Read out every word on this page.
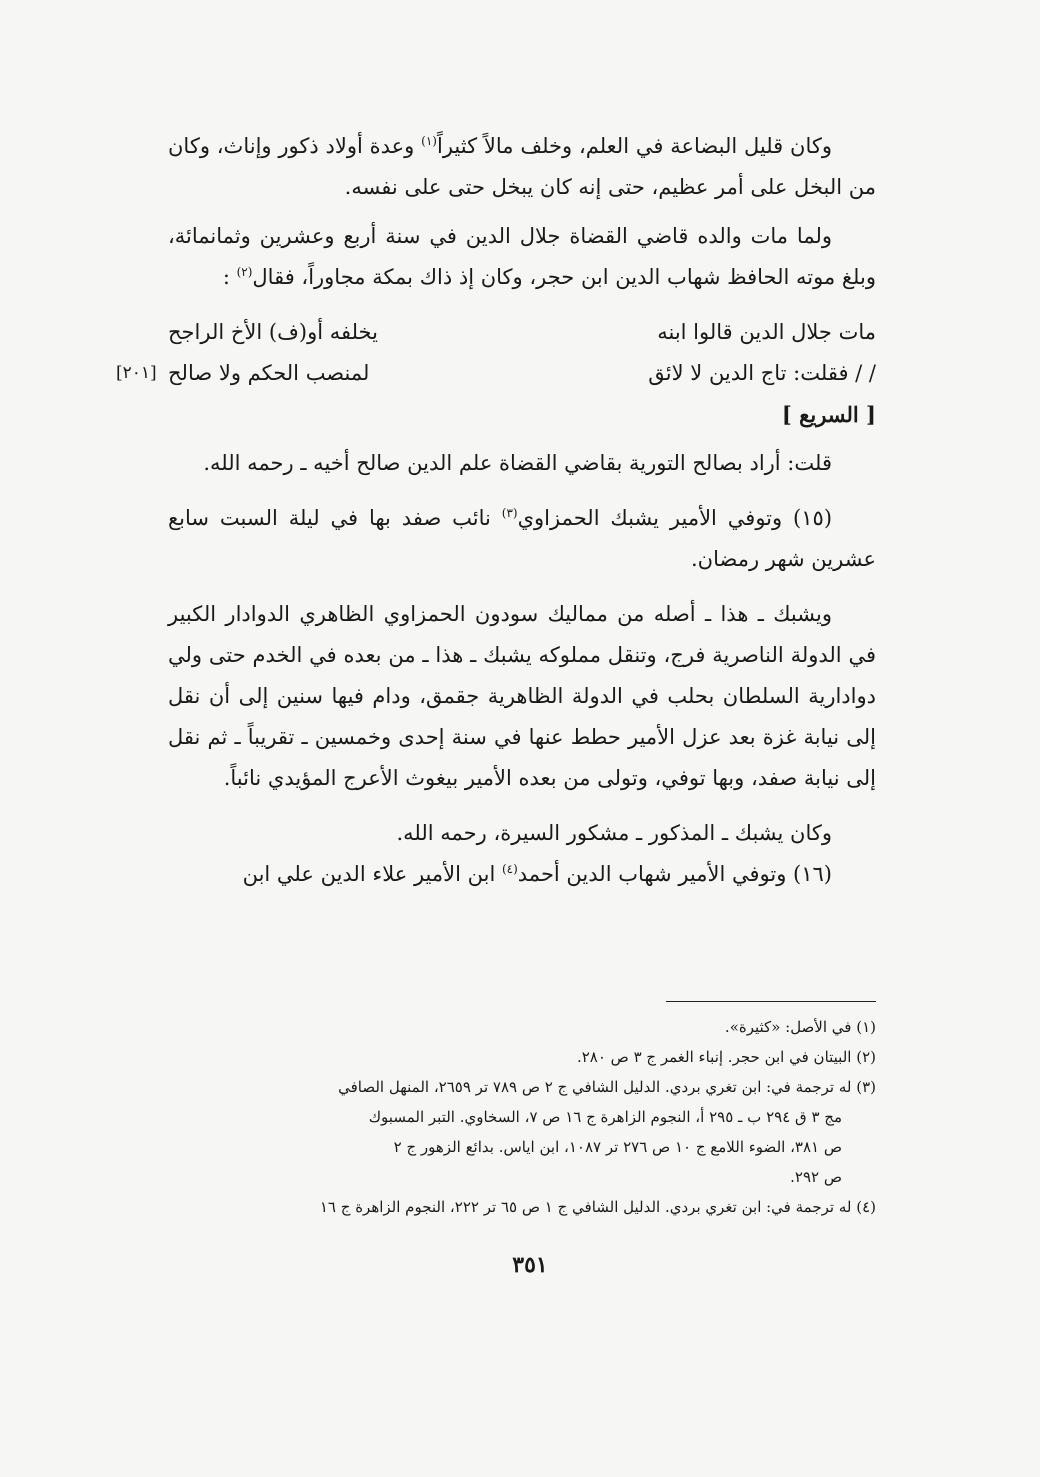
وكان قليل البضاعة في العلم، وخلف مالاً كثيراً$^{(١)}$ وعدة أولاد ذكور وإناث، وكان من البخل على أمر عظيم، حتى إنه كان يبخل حتى على نفسه.

ولما مات والده قاضي القضاة جلال الدين في سنة أربع وعشرين وثمانمائة، وبلغ موته الحافظ شهاب الدين ابن حجر، وكان إذ ذاك بمكة مجاوراً، فقال$^{(٢)}$ :

مات جلال الدين قالوا ابنه
يخلفه أو(ف) الأخ الراجح
/ / فقلت: تاج الدين لا لائق
لمنصب الحكم ولا صالح
[٢٠١]
[ السريع ]

قلت: أراد بصالح التورية بقاضي القضاة علم الدين صالح أخيه ـ رحمه الله.

(١٥) وتوفي الأمير يشبك الحمزاوي$^{(٣)}$ نائب صفد بها في ليلة السبت سابع عشرين شهر رمضان.

ويشبك ـ هذا ـ أصله من مماليك سودون الحمزاوي الظاهري الدوادار الكبير في الدولة الناصرية فرج، وتنقل مملوكه يشبك ـ هذا ـ من بعده في الخدم حتى ولي دوادارية السلطان بحلب في الدولة الظاهرية جقمق، ودام فيها سنين إلى أن نقل إلى نيابة غزة بعد عزل الأمير حطط عنها في سنة إحدى وخمسين ـ تقريباً ـ ثم نقل إلى نيابة صفد، وبها توفي، وتولى من بعده الأمير بيغوث الأعرج المؤيدي نائباً.

وكان يشبك ـ المذكور ـ مشكور السيرة، رحمه الله.

(١٦) وتوفي الأمير شهاب الدين أحمد$^{(٤)}$ ابن الأمير علاء الدين علي ابن

(١) في الأصل: «كثيرة».

(٢) البيتان في ابن حجر. إنباء الغمر ج ٣ ص ٢٨٠.

(٣) له ترجمة في: ابن تغري بردي. الدليل الشافي ج ٢ ص ٧٨٩ تر ٢٦٥٩، المنهل الصافي

مج ٣ ق ٢٩٤ ب ـ ٢٩٥ أ، النجوم الزاهرة ج ١٦ ص ٧، السخاوي. التبر المسبوك

ص ٣٨١، الضوء اللامع ج ١٠ ص ٢٧٦ تر ١٠٨٧، ابن اياس. بدائع الزهور ج ٢

ص ٢٩٢.

(٤) له ترجمة في: ابن تغري بردي. الدليل الشافي ج ١ ص ٦٥ تر ٢٢٢، النجوم الزاهرة ج ١٦

٣٥١
